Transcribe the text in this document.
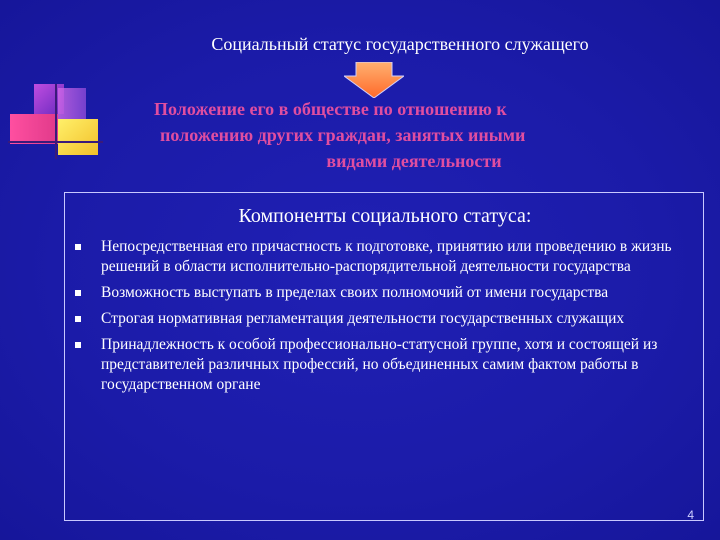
Социальный статус государственного служащего
Положение его в обществе по отношению к
положению других граждан, занятых иными
видами деятельности
Компоненты социального статуса:
Непосредственная его причастность к подготовке, принятию или проведению в жизнь решений в области исполнительно-распорядительной деятельности государства
Возможность выступать в пределах своих полномочий от имени государства
Строгая нормативная регламентация деятельности государственных служащих
Принадлежность к особой профессионально-статусной группе, хотя и состоящей из представителей различных профессий, но объединенных самим фактом работы в государственном органе
4
